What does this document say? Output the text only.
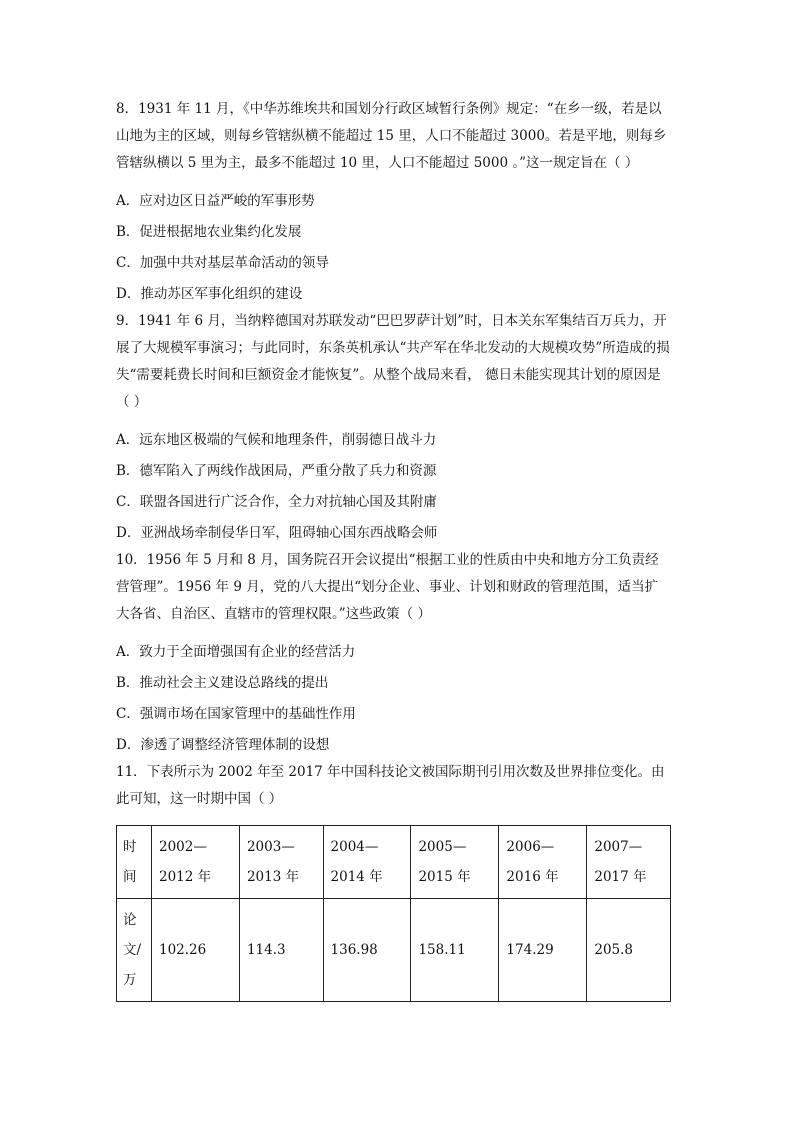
8．1931 年 11 月，《中华苏维埃共和国划分行政区域暂行条例》规定：“在乡一级，若是以山地为主的区域，则每乡管辖纵横不能超过 15 里，人口不能超过 3000。若是平地，则每乡管辖纵横以 5 里为主，最多不能超过 10 里，人口不能超过 5000 。”这一规定旨在（ ）

A．应对边区日益严峻的军事形势

B．促进根据地农业集约化发展

C．加强中共对基层革命活动的领导

D．推动苏区军事化组织的建设

9．1941 年 6 月，当纳粹德国对苏联发动“巴巴罗萨计划”时，日本关东军集结百万兵力，开展了大规模军事演习；与此同时，东条英机承认“共产军在华北发动的大规模攻势”所造成的损失“需要耗费长时间和巨额资金才能恢复”。从整个战局来看， 德日未能实现其计划的原因是（ ）

A．远东地区极端的气候和地理条件，削弱德日战斗力

B．德军陷入了两线作战困局，严重分散了兵力和资源

C．联盟各国进行广泛合作，全力对抗轴心国及其附庸

D．亚洲战场牵制侵华日军，阻碍轴心国东西战略会师

10．1956 年 5 月和 8 月，国务院召开会议提出“根据工业的性质由中央和地方分工负责经营管理”。1956 年 9 月，党的八大提出“划分企业、事业、计划和财政的管理范围，适当扩大各省、自治区、直辖市的管理权限。”这些政策（ ）

A．致力于全面增强国有企业的经营活力

B．推动社会主义建设总路线的提出

C．强调市场在国家管理中的基础性作用

D．渗透了调整经济管理体制的设想

11．下表所示为 2002 年至 2017 年中国科技论文被国际期刊引用次数及世界排位变化。由此可知，这一时期中国（ ）

时间	2002—2012 年	2003—2013 年	2004—2014 年	2005—2015 年	2006—2016 年	2007—2017 年
论文/万	102.26	114.3	136.98	158.11	174.29	205.8
